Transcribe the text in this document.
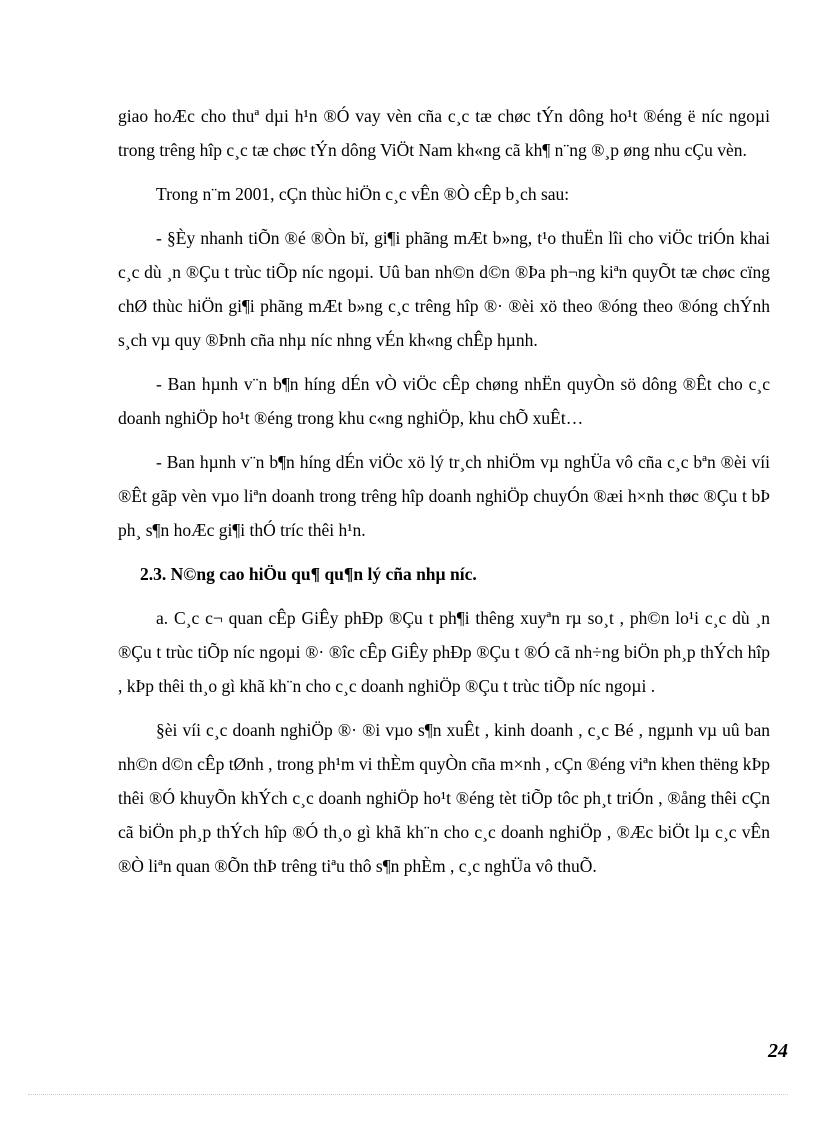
giao hoÆc cho thuª dµi h¹n ®Ó vay vèn cña c¸c tæ chøc tÝn dông ho¹t ®éng ë níc ngoµi trong trêng hîp c¸c tæ chøc tÝn dông ViÖt Nam kh«ng cã kh¶ n¨ng ®¸p øng nhu cÇu vèn.

Trong n¨m 2001, cÇn thùc hiÖn c¸c vÊn ®Ò cÊp b¸ch sau:

- §Èy nhanh tiÕn ®é ®Òn bï, gi¶i phãng mÆt b»ng, t¹o thuËn lîi cho viÖc triÓn khai c¸c dù ¸n ®Çu t trùc tiÕp níc ngoµi. Uû ban nh©n d©n ®Þa ph¬ng kiªn quyÕt tæ chøc cïng chØ thùc hiÖn gi¶i phãng mÆt b»ng c¸c trêng hîp ®· ®èi xö theo ®óng theo ®óng chÝnh s¸ch vµ quy ®Þnh cña nhµ níc nhng vÉn kh«ng chÊp hµnh.

- Ban hµnh v¨n b¶n híng dÉn vÒ viÖc cÊp chøng nhËn quyÒn sö dông ®Êt cho c¸c doanh nghiÖp ho¹t ®éng trong khu c«ng nghiÖp, khu chÕ xuÊt…

- Ban hµnh v¨n b¶n híng dÉn viÖc xö lý tr¸ch nhiÖm vµ nghÜa vô cña c¸c bªn ®èi víi ®Êt gãp vèn vµo liªn doanh trong trêng hîp doanh nghiÖp chuyÓn ®æi h×nh thøc ®Çu t bÞ ph¸ s¶n hoÆc gi¶i thÓ tríc thêi h¹n.

2.3. N©ng cao hiÖu qu¶ qu¶n lý cña nhµ níc.

a. C¸c c¬ quan cÊp GiÊy phÐp ®Çu t ph¶i thêng xuyªn rµ so¸t , ph©n lo¹i c¸c dù ¸n ®Çu t trùc tiÕp níc ngoµi ®· ®îc cÊp GiÊy phÐp ®Çu t ®Ó cã nh÷ng biÖn ph¸p thÝch hîp , kÞp thêi th¸o gì khã kh¨n cho c¸c doanh nghiÖp ®Çu t trùc tiÕp níc ngoµi .

§èi víi c¸c doanh nghiÖp ®· ®i vµo s¶n xuÊt , kinh doanh , c¸c Bé , ngµnh vµ uû ban nh©n d©n cÊp tØnh , trong ph¹m vi thÈm quyÒn cña m×nh , cÇn ®éng viªn khen thëng kÞp thêi ®Ó khuyÕn khÝch c¸c doanh nghiÖp ho¹t ®éng tèt tiÕp tôc ph¸t triÓn , ®ång thêi cÇn cã biÖn ph¸p thÝch hîp ®Ó th¸o gì khã kh¨n cho c¸c doanh nghiÖp , ®Æc biÖt lµ c¸c vÊn ®Ò liªn quan ®Õn thÞ trêng tiªu thô s¶n phÈm , c¸c nghÜa vô thuÕ.

24
